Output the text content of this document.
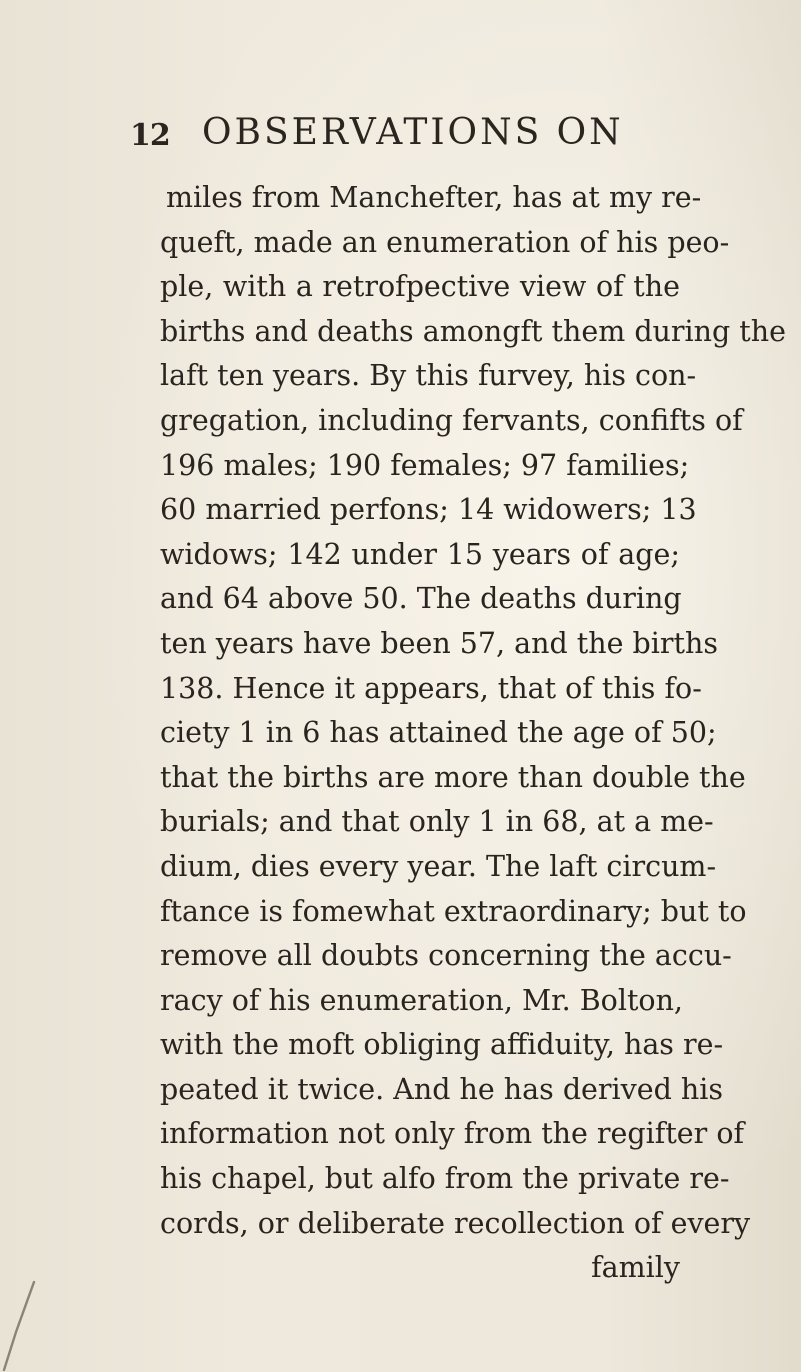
12 OBSERVATIONS ON
miles from Manchefter, has at my re-
queft, made an enumeration of his peo-
ple, with a retrofpective view of the
births and deaths amongft them during the
laft ten years. By this furvey, his con-
gregation, including fervants, confifts of
196 males; 190 females; 97 families;
60 married perfons; 14 widowers; 13
widows; 142 under 15 years of age;
and 64 above 50. The deaths during
ten years have been 57, and the births
138. Hence it appears, that of this fo-
ciety 1 in 6 has attained the age of 50;
that the births are more than double the
burials; and that only 1 in 68, at a me-
dium, dies every year. The laft circum-
ftance is fomewhat extraordinary; but to
remove all doubts concerning the accu-
racy of his enumeration, Mr. Bolton,
with the moft obliging affiduity, has re-
peated it twice. And he has derived his
information not only from the regifter of
his chapel, but alfo from the private re-
cords, or deliberate recollection of every
family
